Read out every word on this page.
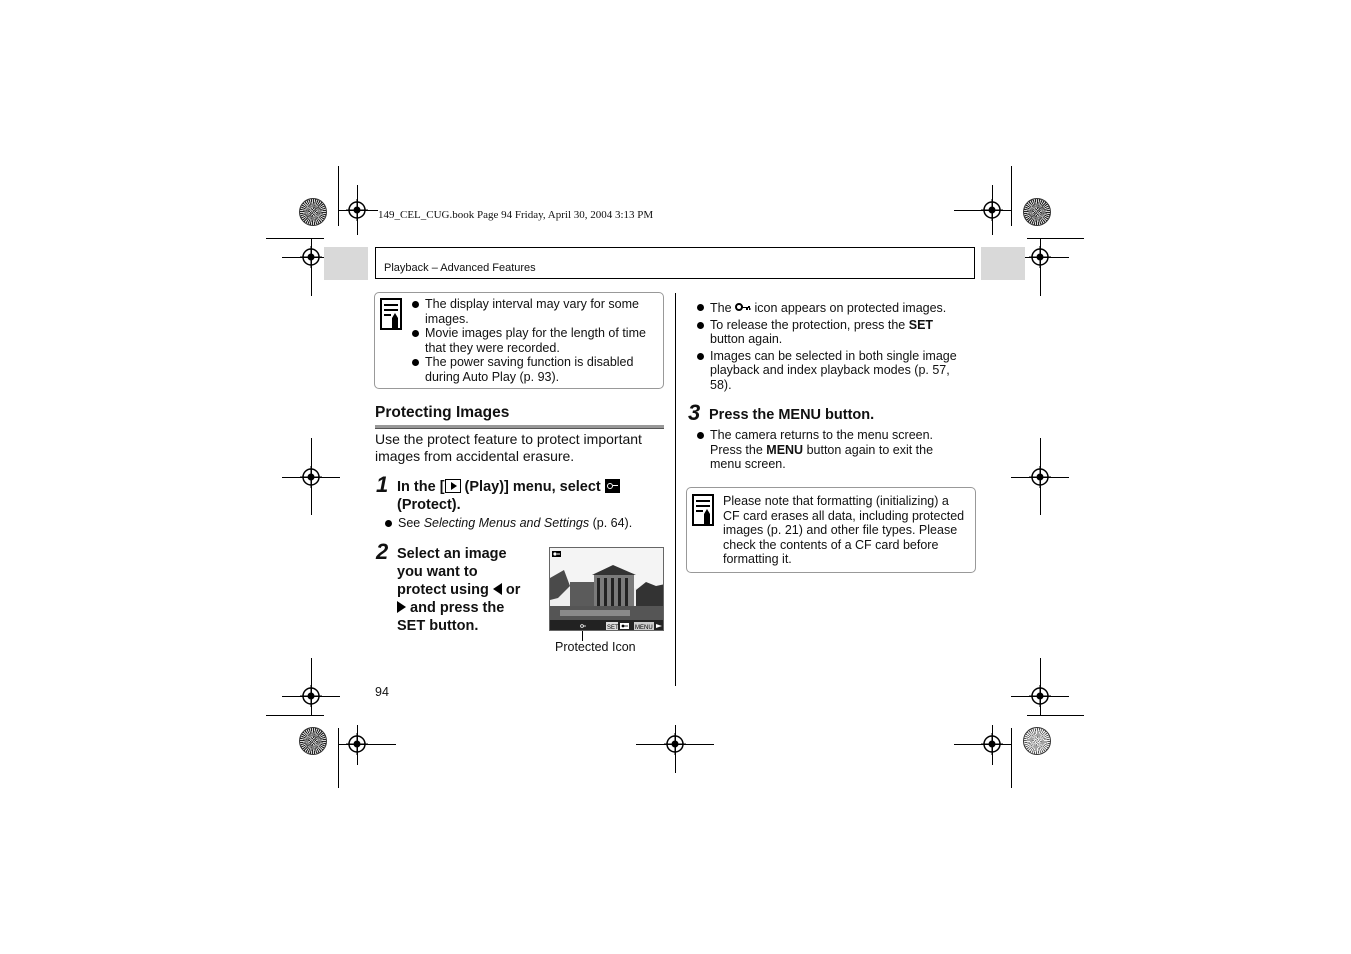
149_CEL_CUG.book Page 94 Friday, April 30, 2004 3:13 PM
Playback – Advanced Features
The display interval may vary for some images.
Movie images play for the length of time that they were recorded.
The power saving function is disabled during Auto Play (p. 93).
Protecting Images
Use the protect feature to protect important images from accidental erasure.
1 In the [ (Play)] menu, select
(Protect).
See Selecting Menus and Settings (p. 64).
2 Select an image
you want to
protect using  or
and press the
SET button.	SET	MENU
Protected Icon
94
The
icon appears on protected images.
To release the protection, press the SET button again.
Images can be selected in both single image playback and index playback modes (p. 57, 58).
3 Press the MENU button.
The camera returns to the menu screen. Press the MENU button again to exit the menu screen.
Please note that formatting (initializing) a CF card erases all data, including protected images (p. 21) and other file types. Please check the contents of a CF card before formatting it.
